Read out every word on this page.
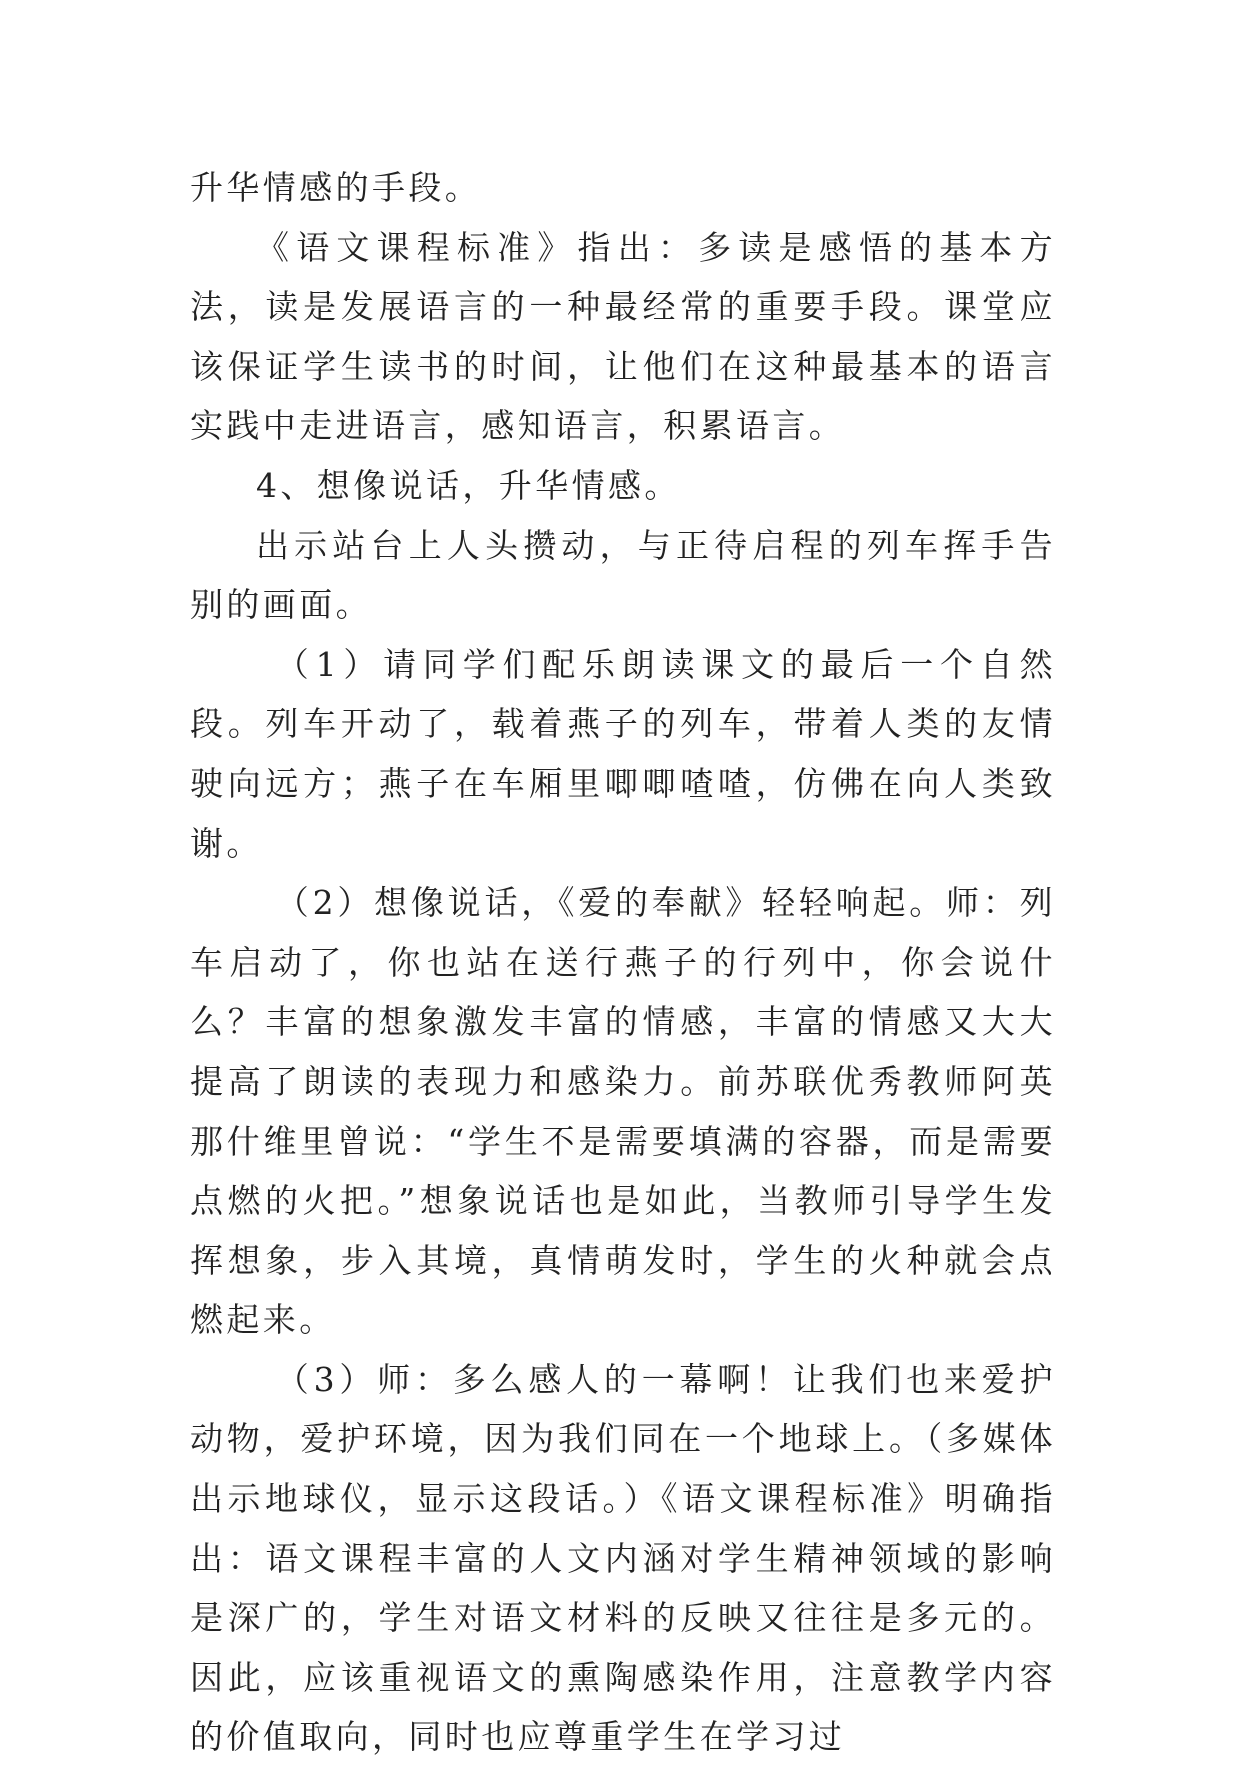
升华情感的手段。

《语文课程标准》指出：多读是感悟的基本方法，读是发展语言的一种最经常的重要手段。课堂应该保证学生读书的时间，让他们在这种最基本的语言实践中走进语言，感知语言，积累语言。

4、想像说话，升华情感。

出示站台上人头攒动，与正待启程的列车挥手告别的画面。

（1）请同学们配乐朗读课文的最后一个自然段。列车开动了，载着燕子的列车，带着人类的友情驶向远方；燕子在车厢里唧唧喳喳，仿佛在向人类致谢。

（2）想像说话，《爱的奉献》轻轻响起。师：列车启动了，你也站在送行燕子的行列中，你会说什么？丰富的想象激发丰富的情感，丰富的情感又大大提高了朗读的表现力和感染力。前苏联优秀教师阿英那什维里曾说：“学生不是需要填满的容器，而是需要点燃的火把。”想象说话也是如此，当教师引导学生发挥想象，步入其境，真情萌发时，学生的火种就会点燃起来。

（3）师：多么感人的一幕啊！让我们也来爱护动物，爱护环境，因为我们同在一个地球上。（多媒体出示地球仪，显示这段话。）《语文课程标准》明确指出：语文课程丰富的人文内涵对学生精神领域的影响是深广的，学生对语文材料的反映又往往是多元的。因此，应该重视语文的熏陶感染作用，注意教学内容的价值取向，同时也应尊重学生在学习过
